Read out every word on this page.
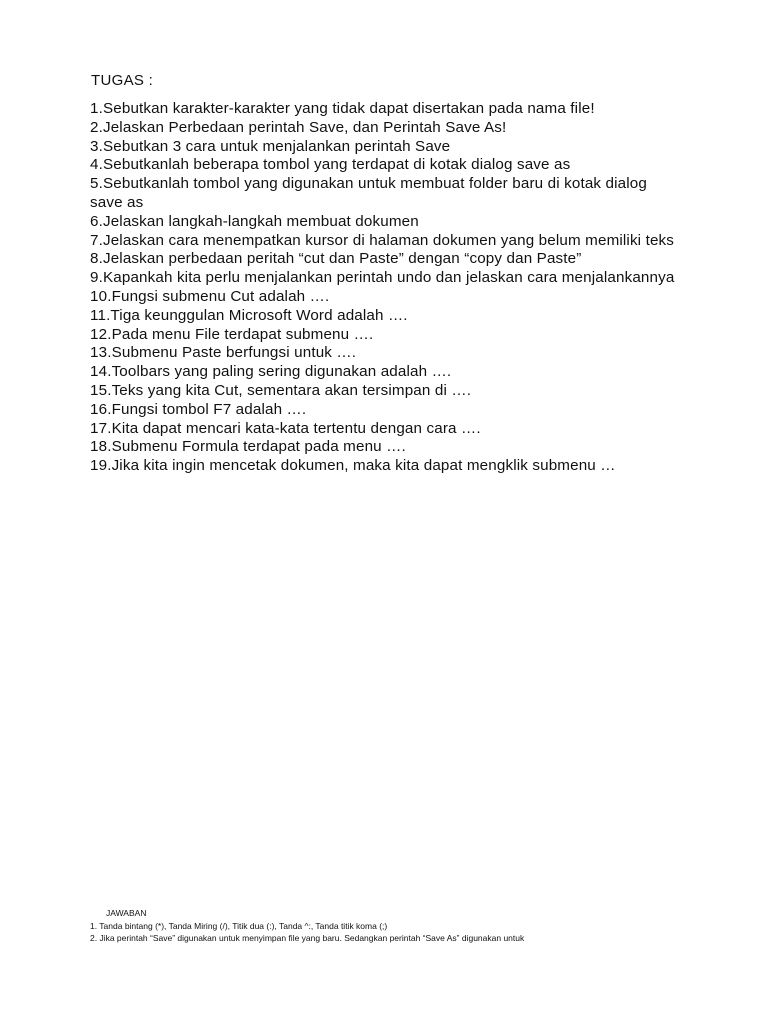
TUGAS :
1.Sebutkan karakter-karakter yang tidak dapat disertakan pada nama file!
2.Jelaskan Perbedaan perintah Save, dan Perintah Save As!
3.Sebutkan 3 cara untuk menjalankan perintah Save
4.Sebutkanlah beberapa tombol yang terdapat di kotak dialog save as
5.Sebutkanlah tombol yang digunakan untuk membuat folder baru di kotak dialog save as
6.Jelaskan langkah-langkah membuat dokumen
7.Jelaskan cara menempatkan kursor di halaman dokumen yang belum memiliki teks
8.Jelaskan perbedaan peritah “cut dan Paste” dengan “copy dan Paste”
9.Kapankah kita perlu menjalankan perintah undo dan jelaskan cara menjalankannya
10.Fungsi submenu Cut adalah ….
11.Tiga keunggulan Microsoft Word adalah ….
12.Pada menu File terdapat submenu ….
13.Submenu Paste berfungsi untuk ….
14.Toolbars yang paling sering digunakan adalah ….
15.Teks yang kita Cut, sementara akan tersimpan di ….
16.Fungsi tombol F7 adalah ….
17.Kita dapat mencari kata-kata tertentu dengan cara ….
18.Submenu Formula terdapat pada menu ….
19.Jika kita ingin mencetak dokumen, maka kita dapat mengklik submenu …
JAWABAN
1. Tanda bintang (*), Tanda Miring (/), Titik dua (:), Tanda ^:, Tanda titik koma (;)
2. Jika perintah “Save” digunakan untuk menyimpan file yang baru. Sedangkan perintah “Save As” digunakan untuk
